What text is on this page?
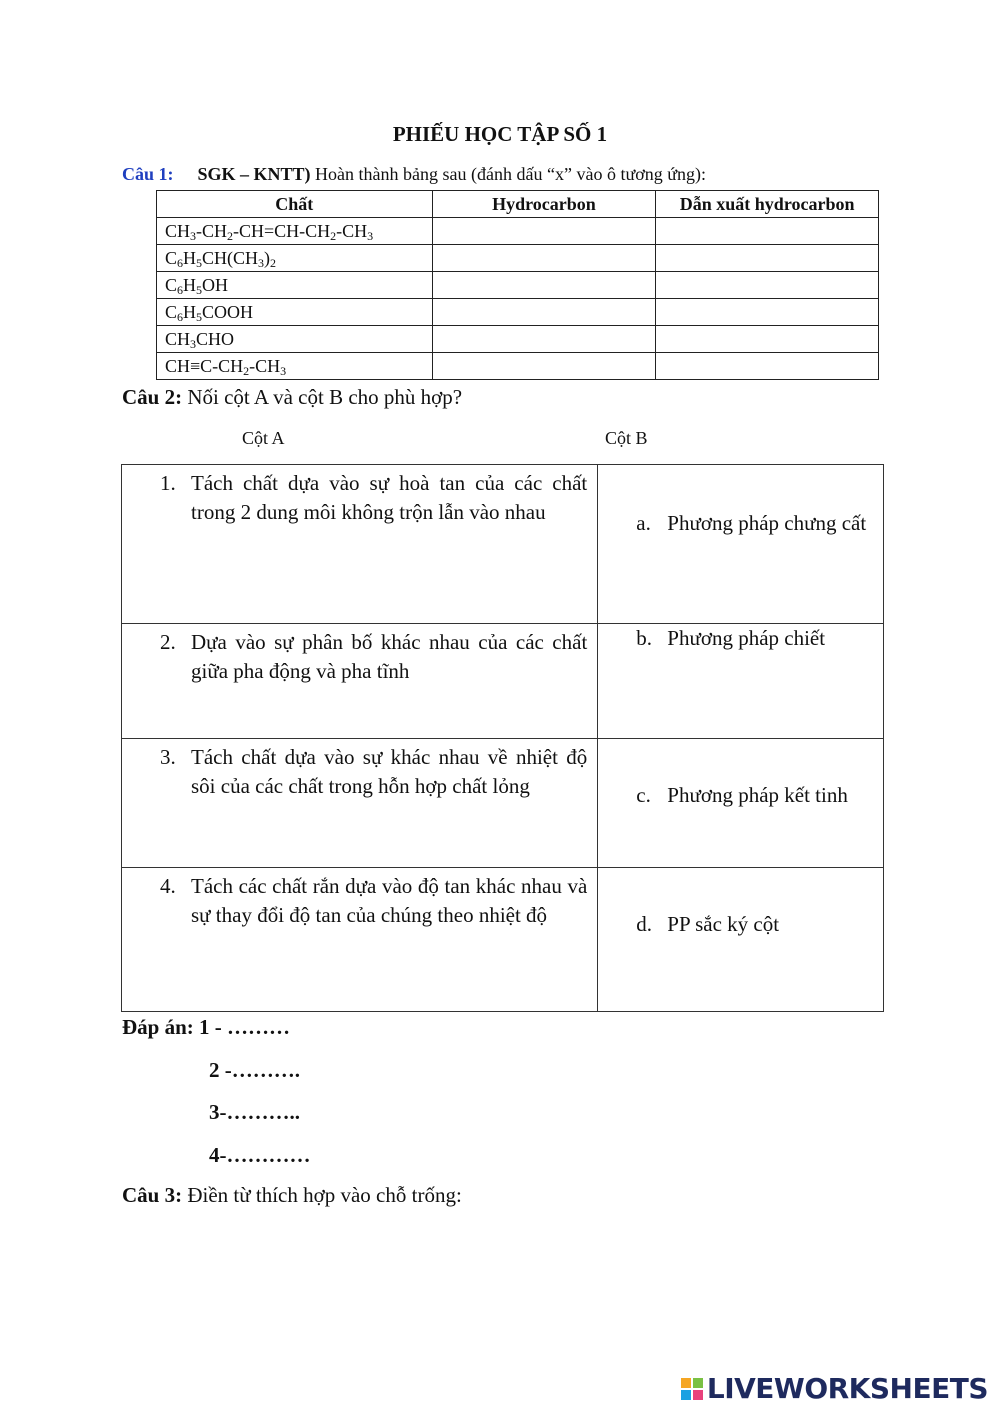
PHIẾU HỌC TẬP SỐ 1
Câu 1: SGK – KNTT) Hoàn thành bảng sau (đánh dấu “x” vào ô tương ứng):
Chất	Hydrocarbon	Dẫn xuất hydrocarbon
$CH_3-CH_2-CH=CH-CH_2-CH_3$		
$C_6H_5CH(CH_3)_2$		
$C_6H_5OH$		
$C_6H_5COOH$		
$CH_3CHO$		
$CH\equiv C-CH_2-CH_3$		
Câu 2: Nối cột A và cột B cho phù hợp?
Cột A	Cột B
1. Tách chất dựa vào sự hoà tan của các chất trong 2 dung môi không trộn lẫn vào nhau	a. Phương pháp chưng cất

2. Dựa vào sự phân bố khác nhau của các chất giữa pha động và pha tĩnh	b. Phương pháp chiết

3. Tách chất dựa vào sự khác nhau về nhiệt độ sôi của các chất trong hỗn hợp chất lỏng	c. Phương pháp kết tinh

4. Tách các chất rắn dựa vào độ tan khác nhau và sự thay đổi độ tan của chúng theo nhiệt độ	d. PP sắc ký cột
Đáp án: 1 - ………
2 -……….
3-………..
4-…………
Câu 3: Điền từ thích hợp vào chỗ trống:
LIVEWORKSHEETS
